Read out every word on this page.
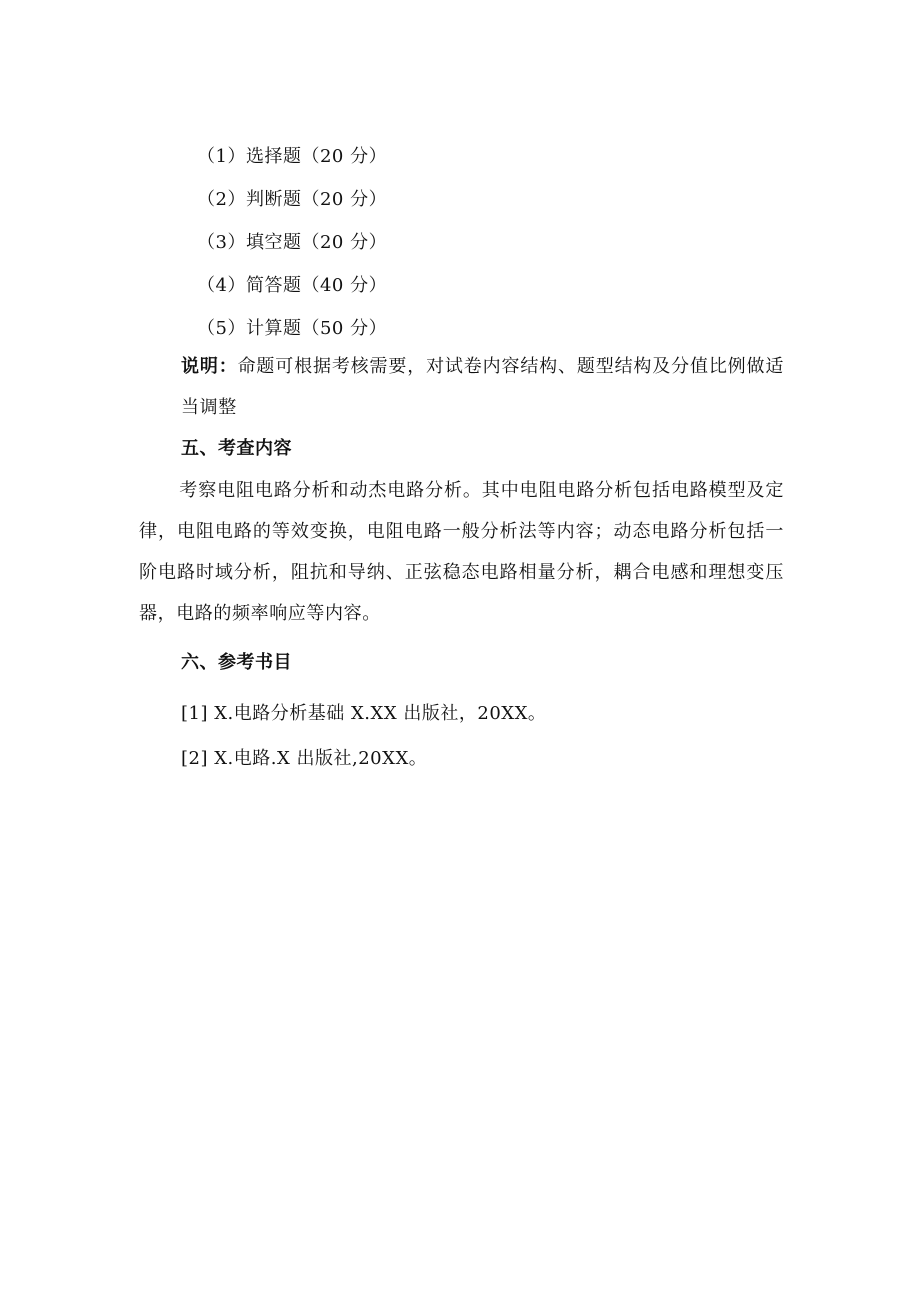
（1）选择题（20 分）
（2）判断题（20 分）
（3）填空题（20 分）
（4）简答题（40 分）
（5）计算题（50 分）
说明：命题可根据考核需要，对试卷内容结构、题型结构及分值比例做适当调整
五、考查内容
考察电阻电路分析和动杰电路分析。其中电阻电路分析包括电路模型及定律，电阻电路的等效变换，电阻电路一般分析法等内容；动态电路分析包括一阶电路时域分析，阻抗和导纳、正弦稳态电路相量分析，耦合电感和理想变压器，电路的频率响应等内容。
六、参考书目
[1] X.电路分析基础 X.XX 出版社，20XX。
[2] X.电路.X 出版社,20XX。
